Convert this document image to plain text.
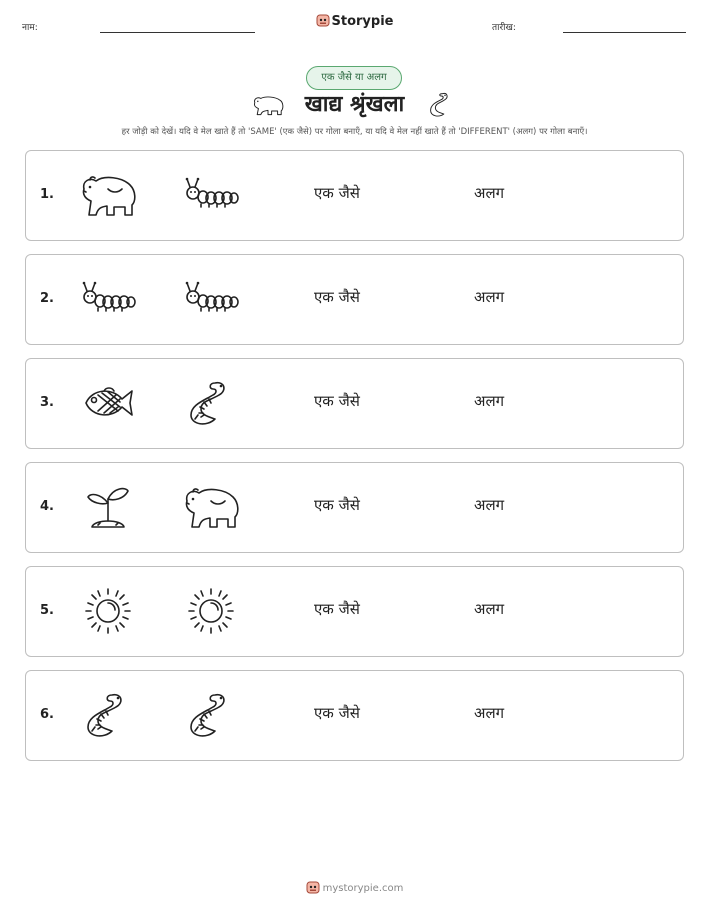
नाम:	Storypie	तारीख:
एक जैसे या अलग
खाद्य श्रृंखला
हर जोड़ी को देखें। यदि वे मेल खाते हैं तो 'SAME' (एक जैसे) पर गोला बनाएँ, या यदि वे मेल नहीं खाते हैं तो 'DIFFERENT' (अलग) पर गोला बनाएँ।
1.	एक जैसे	अलग
2.	एक जैसे	अलग
3.	एक जैसे	अलग
4.	एक जैसे	अलग
5.	एक जैसे	अलग
6.	एक जैसे	अलग
mystorypie.com
